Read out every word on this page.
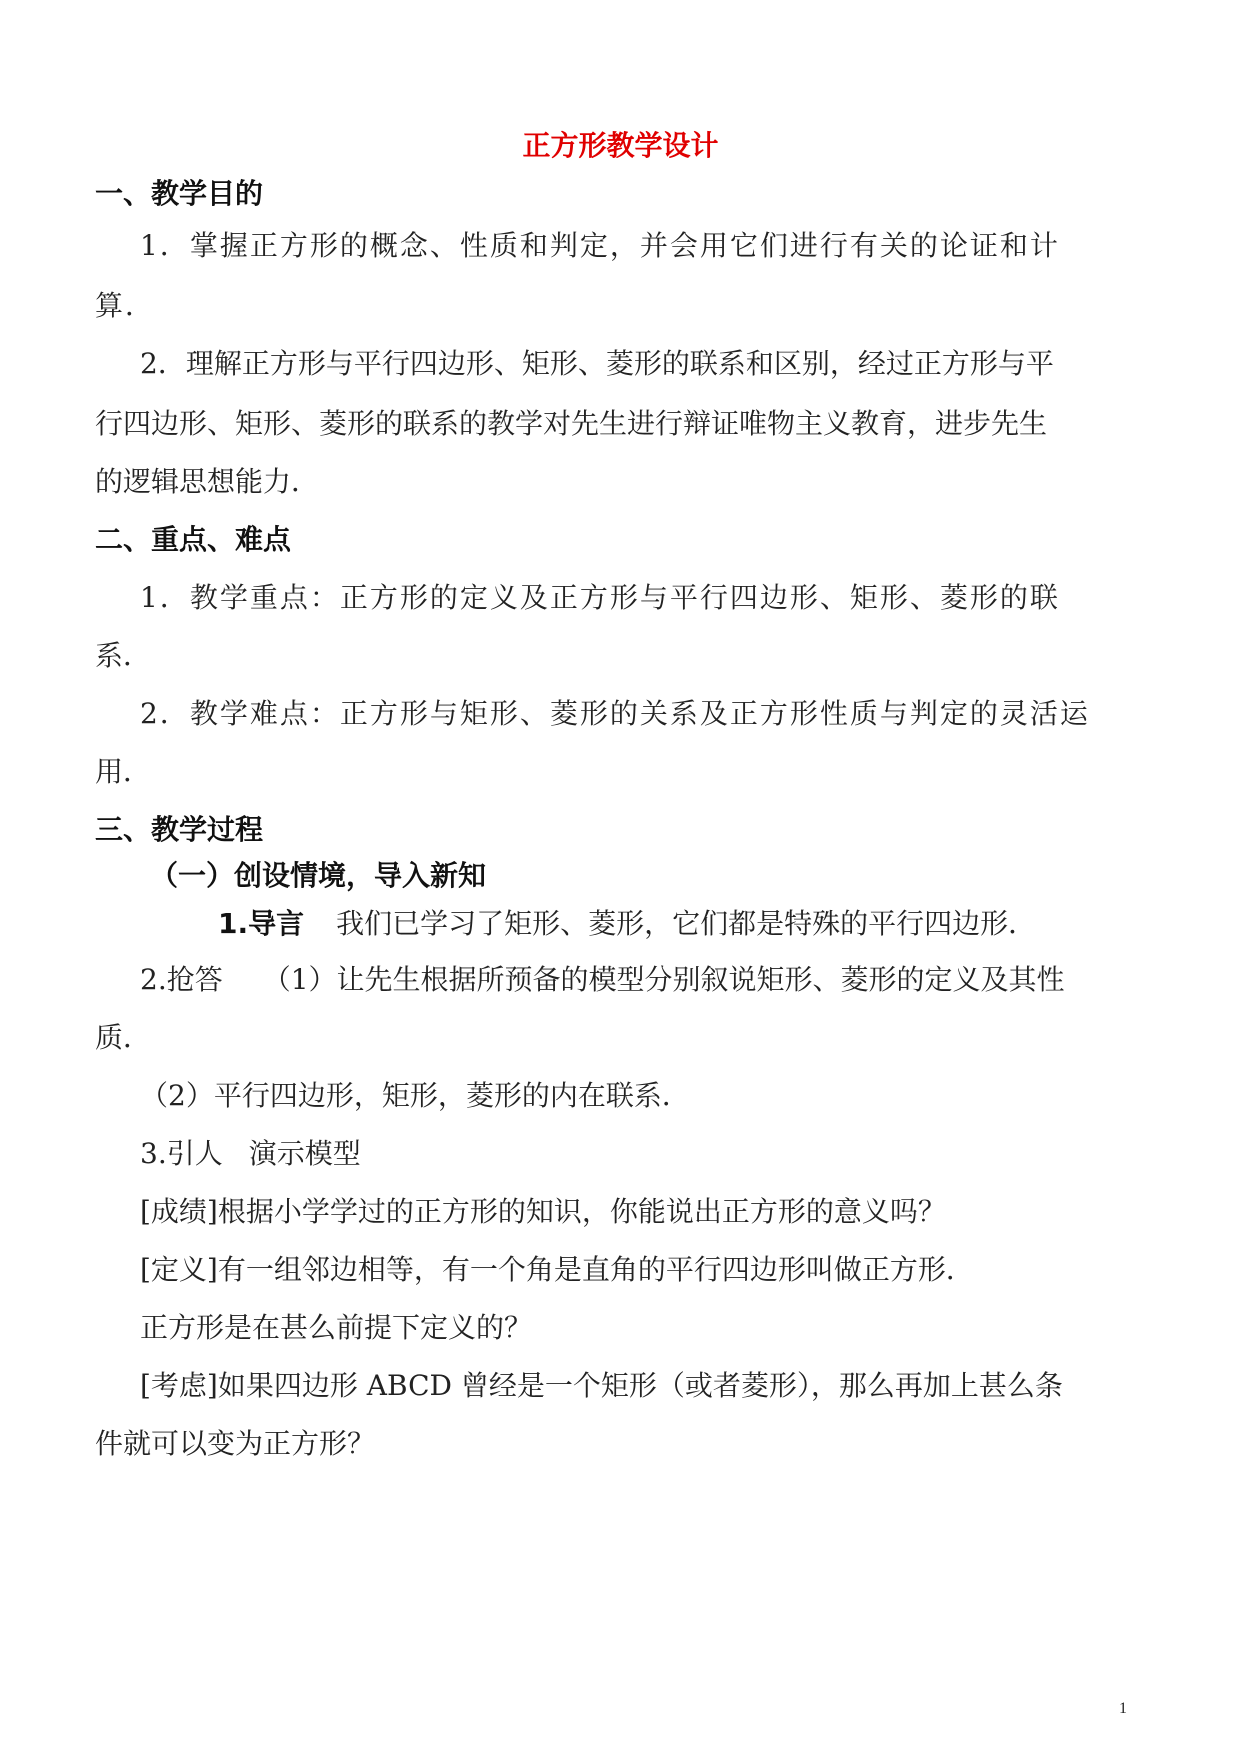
正方形教学设计

一、教学目的

1．掌握正方形的概念、性质和判定，并会用它们进行有关的论证和计

算．

2．理解正方形与平行四边形、矩形、菱形的联系和区别，经过正方形与平

行四边形、矩形、菱形的联系的教学对先生进行辩证唯物主义教育，进步先生

的逻辑思想能力．

二、重点、难点

1．教学重点：正方形的定义及正方形与平行四边形、矩形、菱形的联

系．

2．教学难点：正方形与矩形、菱形的关系及正方形性质与判定的灵活运

用．

三、教学过程

（一）创设情境，导入新知

1.导言 我们已学习了矩形、菱形，它们都是特殊的平行四边形．

2.抢答 （1）让先生根据所预备的模型分别叙说矩形、菱形的定义及其性

质．

（2）平行四边形，矩形，菱形的内在联系．

3.引人 演示模型

[成绩]根据小学学过的正方形的知识，你能说出正方形的意义吗？

[定义]有一组邻边相等，有一个角是直角的平行四边形叫做正方形．

正方形是在甚么前提下定义的？

[考虑]如果四边形 ABCD 曾经是一个矩形（或者菱形），那么再加上甚么条

件就可以变为正方形？

1
